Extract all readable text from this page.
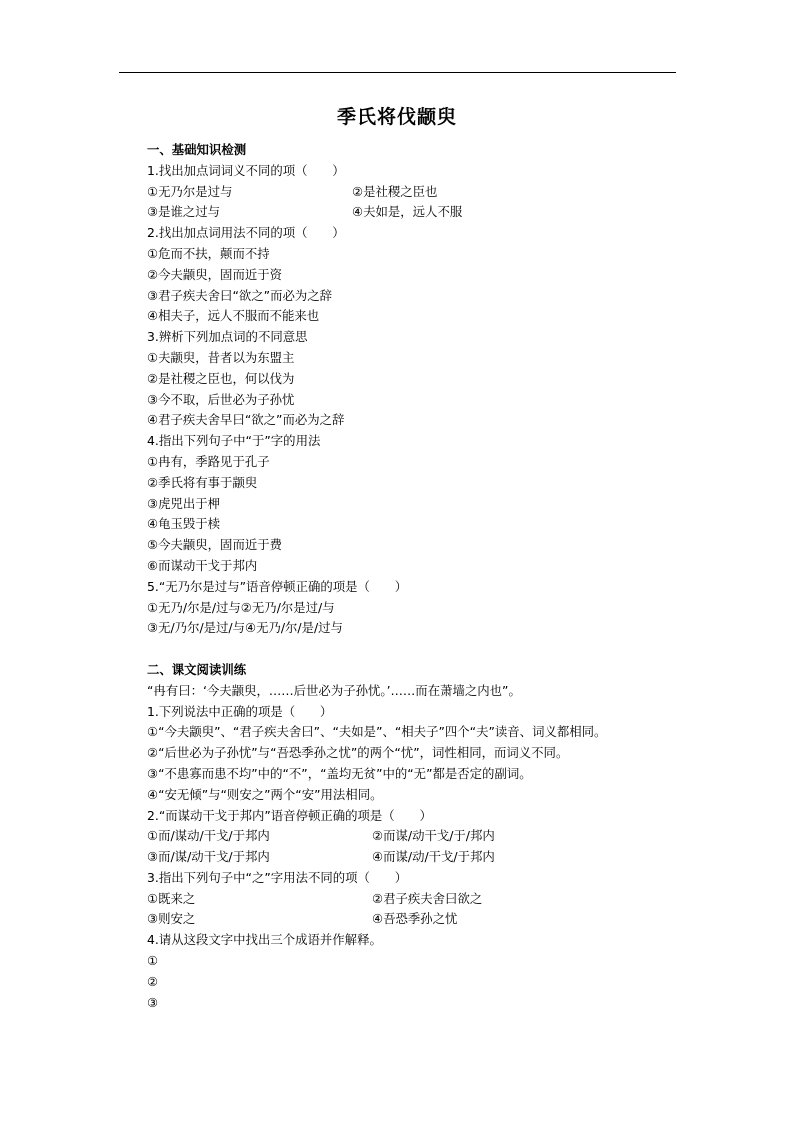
季氏将伐颛臾
一、基础知识检测
1.找出加点词词义不同的项（　　）
①无乃尔是过与	②是社稷之臣也
③是谁之过与	④夫如是，远人不服
2.找出加点词用法不同的项（　　）
①危而不扶，颠而不持
②今夫颛臾，固而近于资
③君子疾夫舍曰“欲之”而必为之辞
④相夫子，远人不服而不能来也
3.辨析下列加点词的不同意思
①夫颛臾，昔者以为东盟主
②是社稷之臣也，何以伐为
③今不取，后世必为子孙忧
④君子疾夫舍早曰“欲之”而必为之辞
4.指出下列句子中“于”字的用法
①冉有，季路见于孔子
②季氏将有事于颛臾
③虎兕出于柙
④龟玉毁于椟
⑤今夫颛臾，固而近于费
⑥而谋动干戈于邦内
5.“无乃尔是过与”语音停顿正确的项是（　　）
①无乃/尔是/过与②无乃/尔是过/与
③无/乃尔/是过/与④无乃/尔/是/过与
二、课文阅读训练
“冉有曰：‘今夫颛臾，……后世必为子孙忧。’……而在萧墙之内也”。
1.下列说法中正确的项是（　　）
①“今夫颛臾”、“君子疾夫舍曰”、“夫如是”、“相夫子”四个“夫”读音、词义都相同。
②“后世必为子孙忧”与“吾恐季孙之忧”的两个“忧”，词性相同，而词义不同。
③“不患寡而患不均”中的“不”，“盖均无贫”中的“无”都是否定的副词。
④“安无倾”与“则安之”两个“安”用法相同。
2.“而谋动干戈于邦内”语音停顿正确的项是（　　）
①而/谋动/干戈/于邦内	②而谋/动干戈/于/邦内
③而/谋/动干戈/于邦内	④而谋/动/干戈/于邦内
3.指出下列句子中“之”字用法不同的项（　　）
①既来之	②君子疾夫舍曰欲之
③则安之	④吾恐季孙之忧
4.请从这段文字中找出三个成语并作解释。
①
②
③
